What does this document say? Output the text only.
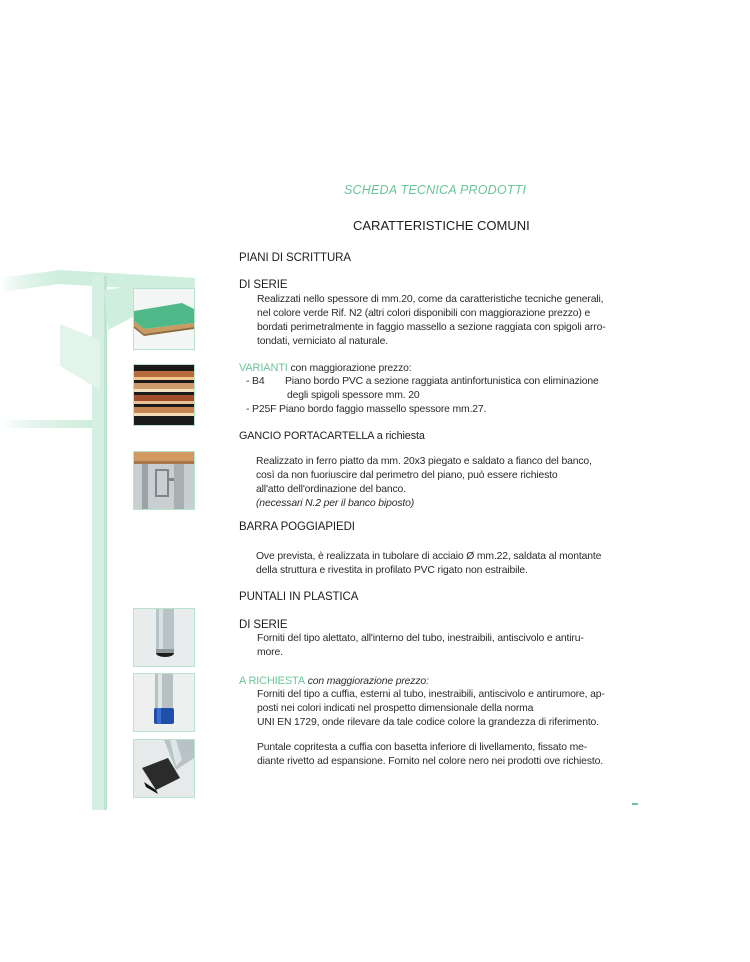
SCHEDA TECNICA PRODOTTI
CARATTERISTICHE COMUNI
PIANI DI SCRITTURA
DI SERIE
Realizzati nello spessore di mm.20, come da caratteristiche tecniche generali,
nel colore verde Rif. N2 (altri colori disponibili con maggiorazione prezzo) e
bordati perimetralmente in faggio massello a sezione raggiata con spigoli arro-
tondati, verniciato al naturale.
VARIANTI con maggiorazione prezzo:
- B4 Piano bordo PVC a sezione raggiata antinfortunistica con eliminazione
degli spigoli spessore mm. 20
- P25F Piano bordo faggio massello spessore mm.27.
GANCIO PORTACARTELLA a richiesta
Realizzato in ferro piatto da mm. 20x3 piegato e saldato a fianco del banco,
così da non fuoriuscire dal perimetro del piano, può essere richiesto
all'atto dell'ordinazione del banco.
(necessari N.2 per il banco biposto)
BARRA POGGIAPIEDI
Ove prevista, è realizzata in tubolare di acciaio Ø mm.22, saldata al montante
della struttura e rivestita in profilato PVC rigato non estraibile.
PUNTALI IN PLASTICA
DI SERIE
Forniti del tipo alettato, all'interno del tubo, inestraibili, antiscivolo e antiru-
more.
A RICHIESTA con maggiorazione prezzo:
Forniti del tipo a cuffia, esterni al tubo, inestraibili, antiscivolo e antirumore, ap-
posti nei colori indicati nel prospetto dimensionale della norma
UNI EN 1729, onde rilevare da tale codice colore la grandezza di riferimento.
Puntale copritesta a cuffia con basetta inferiore di livellamento, fissato me-
diante rivetto ad espansione. Fornito nel colore nero nei prodotti ove richiesto.
